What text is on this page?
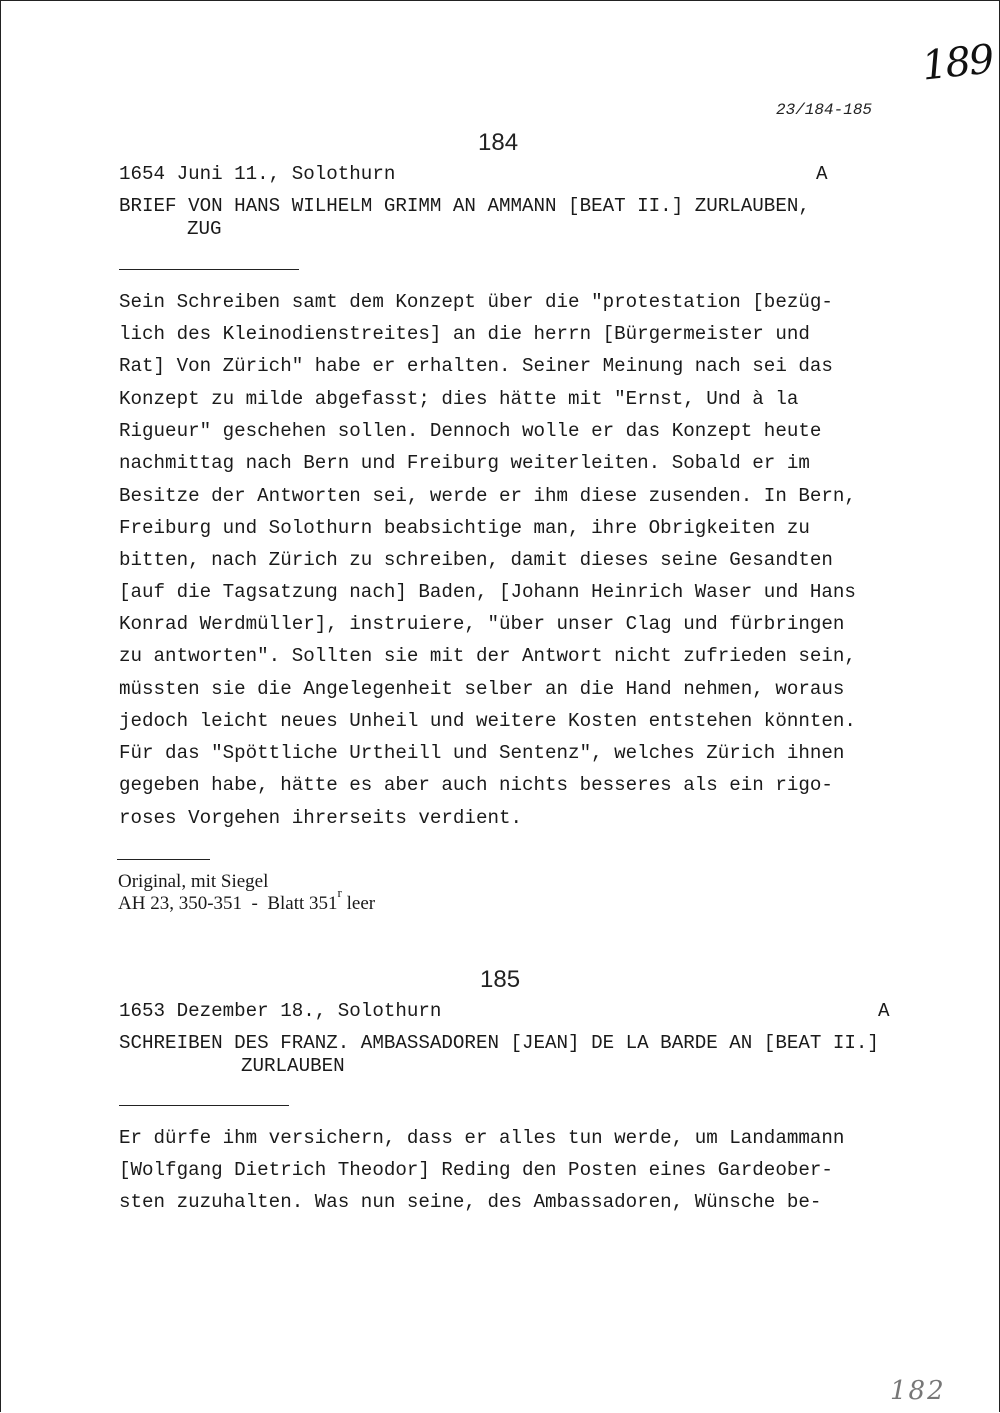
189
23/184-185
184
1654 Juni 11., Solothurn	A
BRIEF VON HANS WILHELM GRIMM AN AMMANN [BEAT II.] ZURLAUBEN,
ZUG
Sein Schreiben samt dem Konzept über die "protestation [bezüg-
lich des Kleinodienstreites] an die herrn [Bürgermeister und
Rat] Von Zürich" habe er erhalten. Seiner Meinung nach sei das
Konzept zu milde abgefasst; dies hätte mit "Ernst, Und à la
Rigueur" geschehen sollen. Dennoch wolle er das Konzept heute
nachmittag nach Bern und Freiburg weiterleiten. Sobald er im
Besitze der Antworten sei, werde er ihm diese zusenden. In Bern,
Freiburg und Solothurn beabsichtige man, ihre Obrigkeiten zu
bitten, nach Zürich zu schreiben, damit dieses seine Gesandten
[auf die Tagsatzung nach] Baden, [Johann Heinrich Waser und Hans
Konrad Werdmüller], instruiere, "über unser Clag und fürbringen
zu antworten". Sollten sie mit der Antwort nicht zufrieden sein,
müssten sie die Angelegenheit selber an die Hand nehmen, woraus
jedoch leicht neues Unheil und weitere Kosten entstehen könnten.
Für das "Spöttliche Urtheill und Sentenz", welches Zürich ihnen
gegeben habe, hätte es aber auch nichts besseres als ein rigo-
roses Vorgehen ihrerseits verdient.
Original, mit Siegel
AH 23, 350-351  -  Blatt 351$^r$ leer
185
1653 Dezember 18., Solothurn	A
SCHREIBEN DES FRANZ. AMBASSADOREN [JEAN] DE LA BARDE AN [BEAT II.]
ZURLAUBEN
Er dürfe ihm versichern, dass er alles tun werde, um Landammann
[Wolfgang Dietrich Theodor] Reding den Posten eines Gardeober-
sten zuzuhalten. Was nun seine, des Ambassadoren, Wünsche be-
182
